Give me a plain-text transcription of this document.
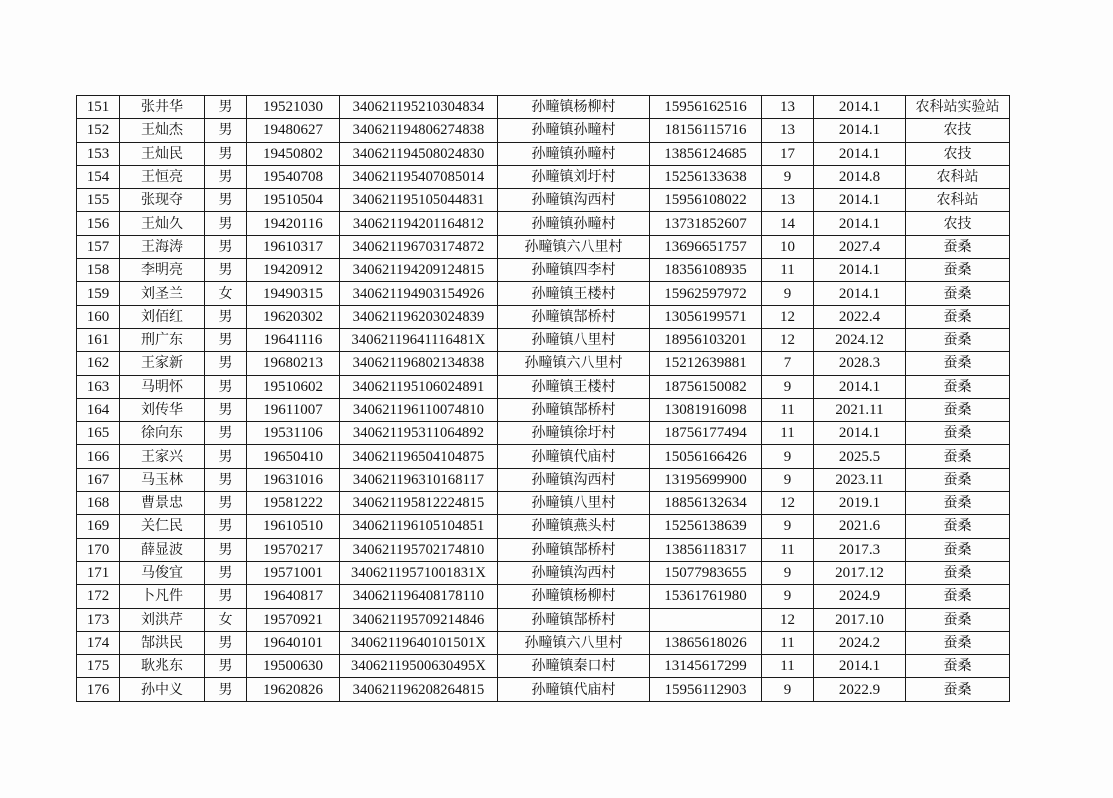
151	张井华	男	19521030	340621195210304834	孙疃镇杨柳村	15956162516	13	2014.1	农科站实验站
152	王灿杰	男	19480627	340621194806274838	孙疃镇孙疃村	18156115716	13	2014.1	农技
153	王灿民	男	19450802	340621194508024830	孙疃镇孙疃村	13856124685	17	2014.1	农技
154	王恒亮	男	19540708	340621195407085014	孙疃镇刘圩村	15256133638	9	2014.8	农科站
155	张现夺	男	19510504	340621195105044831	孙疃镇沟西村	15956108022	13	2014.1	农科站
156	王灿久	男	19420116	340621194201164812	孙疃镇孙疃村	13731852607	14	2014.1	农技
157	王海涛	男	19610317	340621196703174872	孙疃镇六八里村	13696651757	10	2027.4	蚕桑
158	李明亮	男	19420912	340621194209124815	孙疃镇四李村	18356108935	11	2014.1	蚕桑
159	刘圣兰	女	19490315	340621194903154926	孙疃镇王楼村	15962597972	9	2014.1	蚕桑
160	刘佰红	男	19620302	340621196203024839	孙疃镇郜桥村	13056199571	12	2022.4	蚕桑
161	刑广东	男	19641116	34062119641116481X	孙疃镇八里村	18956103201	12	2024.12	蚕桑
162	王家新	男	19680213	340621196802134838	孙疃镇六八里村	15212639881	7	2028.3	蚕桑
163	马明怀	男	19510602	340621195106024891	孙疃镇王楼村	18756150082	9	2014.1	蚕桑
164	刘传华	男	19611007	340621196110074810	孙疃镇郜桥村	13081916098	11	2021.11	蚕桑
165	徐向东	男	19531106	340621195311064892	孙疃镇徐圩村	18756177494	11	2014.1	蚕桑
166	王家兴	男	19650410	340621196504104875	孙疃镇代庙村	15056166426	9	2025.5	蚕桑
167	马玉林	男	19631016	340621196310168117	孙疃镇沟西村	13195699900	9	2023.11	蚕桑
168	曹景忠	男	19581222	340621195812224815	孙疃镇八里村	18856132634	12	2019.1	蚕桑
169	关仁民	男	19610510	340621196105104851	孙疃镇燕头村	15256138639	9	2021.6	蚕桑
170	薛显波	男	19570217	340621195702174810	孙疃镇郜桥村	13856118317	11	2017.3	蚕桑
171	马俊宜	男	19571001	34062119571001831X	孙疃镇沟西村	15077983655	9	2017.12	蚕桑
172	卜凡件	男	19640817	340621196408178110	孙疃镇杨柳村	15361761980	9	2024.9	蚕桑
173	刘洪芹	女	19570921	340621195709214846	孙疃镇郜桥村		12	2017.10	蚕桑
174	郜洪民	男	19640101	34062119640101501X	孙疃镇六八里村	13865618026	11	2024.2	蚕桑
175	耿兆东	男	19500630	34062119500630495X	孙疃镇秦口村	13145617299	11	2014.1	蚕桑
176	孙中义	男	19620826	340621196208264815	孙疃镇代庙村	15956112903	9	2022.9	蚕桑
